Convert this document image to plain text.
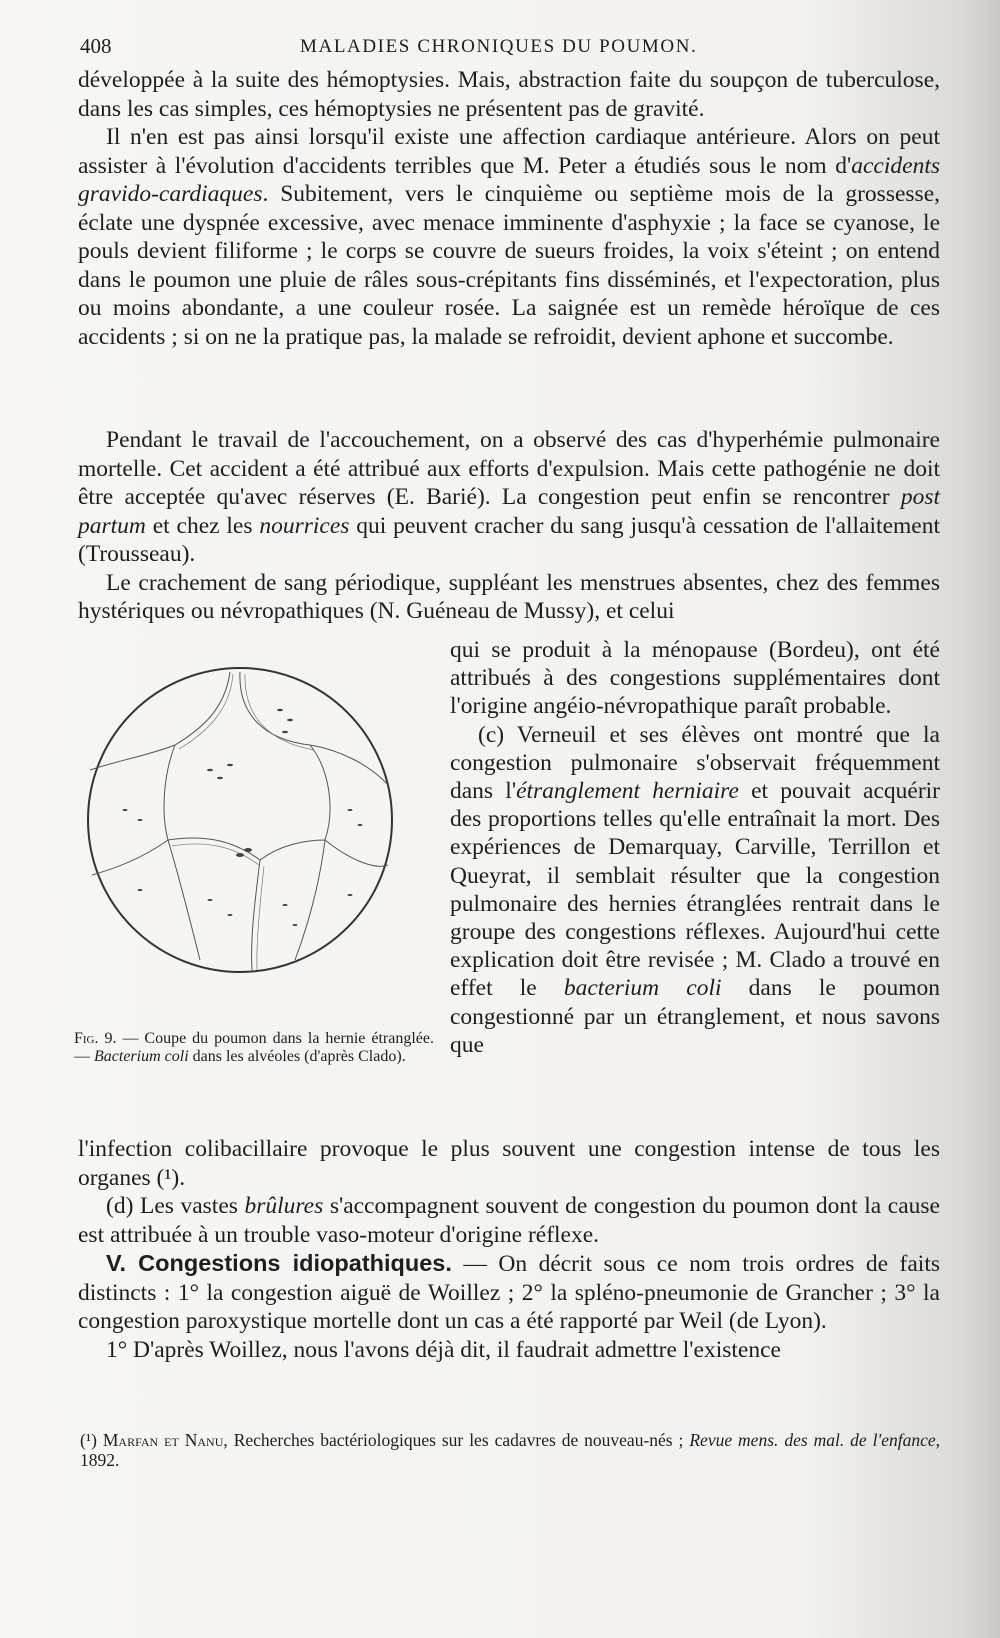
408	MALADIES CHRONIQUES DU POUMON.

développée à la suite des hémoptysies. Mais, abstraction faite du soupçon de tuberculose, dans les cas simples, ces hémoptysies ne présentent pas de gravité.

Il n'en est pas ainsi lorsqu'il existe une affection cardiaque antérieure. Alors on peut assister à l'évolution d'accidents terribles que M. Peter a étudiés sous le nom d'accidents gravido-cardiaques. Subitement, vers le cinquième ou septième mois de la grossesse, éclate une dyspnée excessive, avec menace imminente d'asphyxie ; la face se cyanose, le pouls devient filiforme ; le corps se couvre de sueurs froides, la voix s'éteint ; on entend dans le poumon une pluie de râles sous-crépitants fins disséminés, et l'expectoration, plus ou moins abondante, a une couleur rosée. La saignée est un remède héroïque de ces accidents ; si on ne la pratique pas, la malade se refroidit, devient aphone et succombe.

Pendant le travail de l'accouchement, on a observé des cas d'hyperhémie pulmonaire mortelle. Cet accident a été attribué aux efforts d'expulsion. Mais cette pathogénie ne doit être acceptée qu'avec réserves (E. Barié). La congestion peut enfin se rencontrer post partum et chez les nourrices qui peuvent cracher du sang jusqu'à cessation de l'allaitement (Trousseau).

Le crachement de sang périodique, suppléant les menstrues absentes, chez des femmes hystériques ou névropathiques (N. Guéneau de Mussy), et celui

Fig. 9. — Coupe du poumon dans la hernie étranglée. — Bacterium coli dans les alvéoles (d'après Clado).

qui se produit à la ménopause (Bordeu), ont été attribués à des congestions supplémentaires dont l'origine angéio-névropathique paraît probable.

(c) Verneuil et ses élèves ont montré que la congestion pulmonaire s'observait fréquemment dans l'étranglement herniaire et pouvait acquérir des proportions telles qu'elle entraînait la mort. Des expériences de Demarquay, Carville, Terrillon et Queyrat, il semblait résulter que la congestion pulmonaire des hernies étranglées rentrait dans le groupe des congestions réflexes. Aujourd'hui cette explication doit être revisée ; M. Clado a trouvé en effet le bacterium coli dans le poumon congestionné par un étranglement, et nous savons que

l'infection colibacillaire provoque le plus souvent une congestion intense de tous les organes (¹).

(d) Les vastes brûlures s'accompagnent souvent de congestion du poumon dont la cause est attribuée à un trouble vaso-moteur d'origine réflexe.

V. Congestions idiopathiques. — On décrit sous ce nom trois ordres de faits distincts : 1° la congestion aiguë de Woillez ; 2° la spléno-pneumonie de Grancher ; 3° la congestion paroxystique mortelle dont un cas a été rapporté par Weil (de Lyon).

1° D'après Woillez, nous l'avons déjà dit, il faudrait admettre l'existence

(¹) Marfan et Nanu, Recherches bactériologiques sur les cadavres de nouveau-nés ; Revue mens. des mal. de l'enfance, 1892.
